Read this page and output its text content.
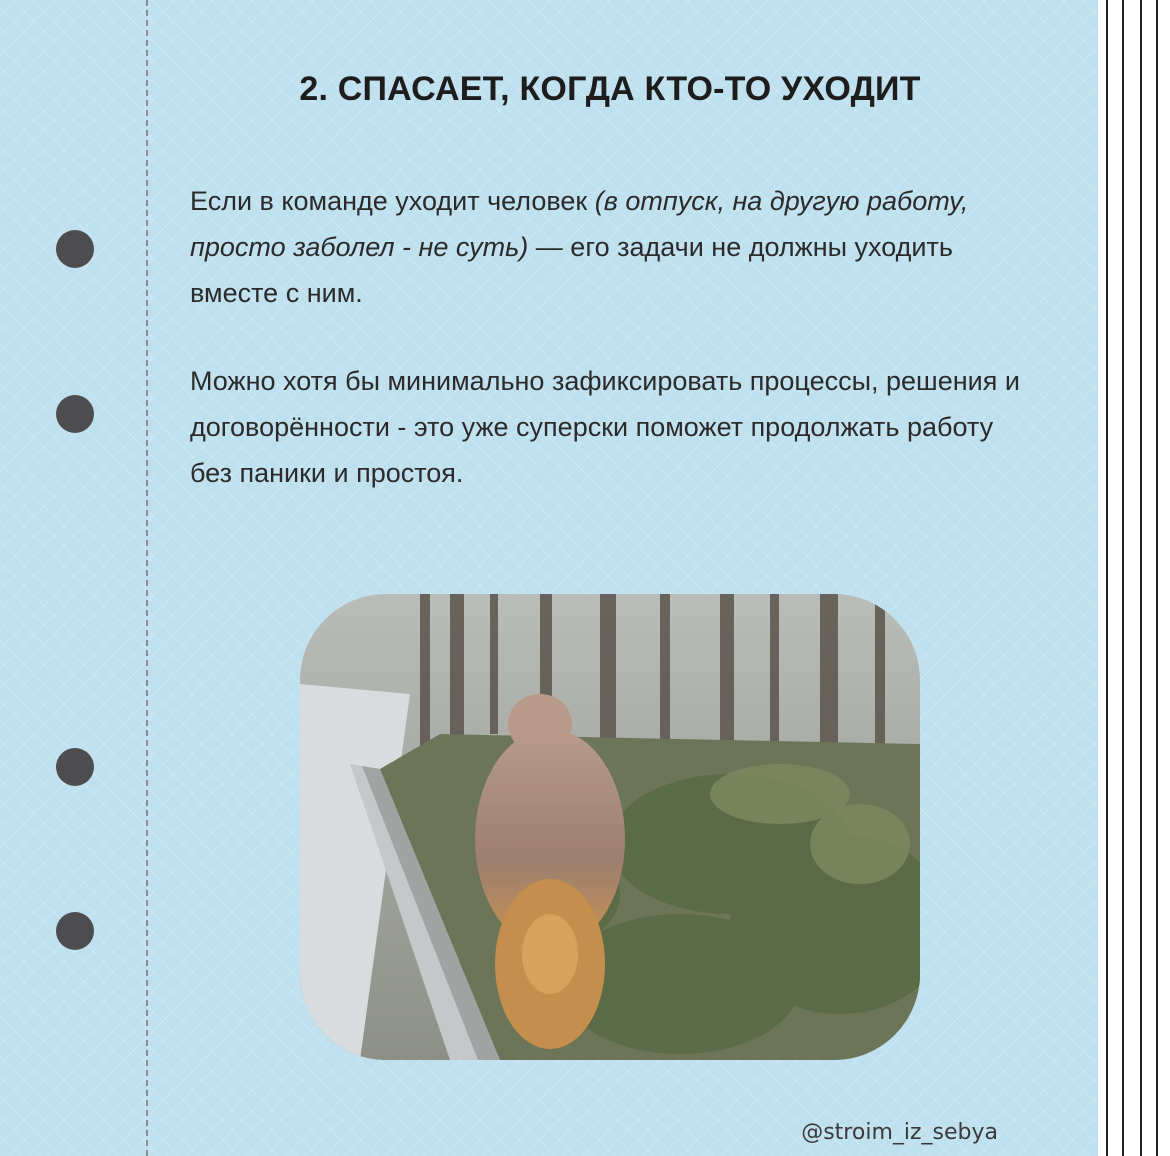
2. СПАСАЕТ, КОГДА КТО-ТО УХОДИТ

Если в команде уходит человек (в отпуск, на другую работу, просто заболел - не суть) — его задачи не должны уходить вместе с ним.

Можно хотя бы минимально зафиксировать процессы, решения и договорённости - это уже суперски поможет продолжать работу без паники и простоя.

@stroim_iz_sebya
